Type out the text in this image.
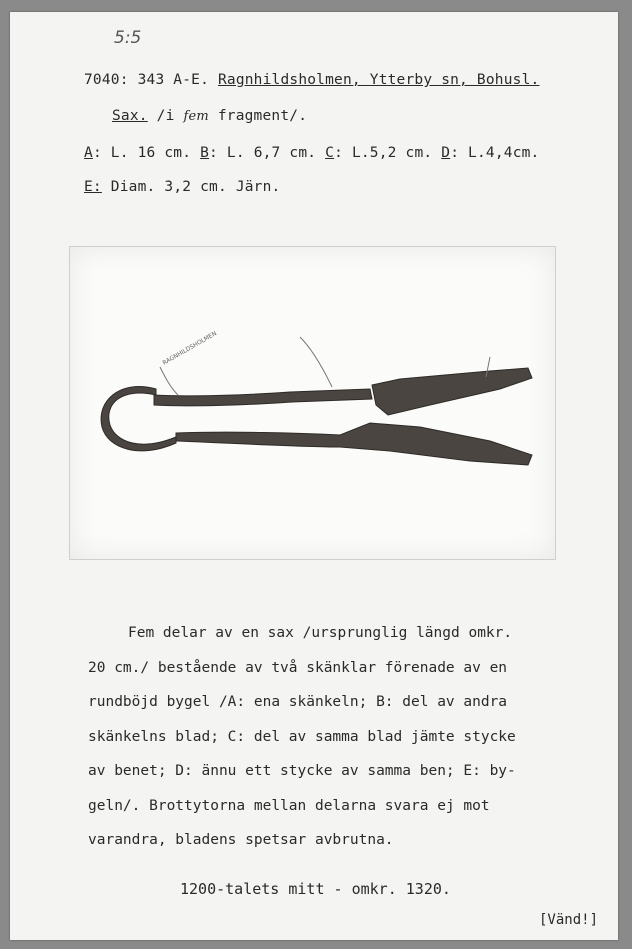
5:5
7040: 343 A-E. Ragnhildsholmen, Ytterby sn, Bohusl.
Sax. /i fem fragment/.
A: L. 16 cm. B: L. 6,7 cm. C: L.5,2 cm. D: L.4,4cm.
E: Diam. 3,2 cm. Järn.
RAGNHILDSHOLMEN
Fem delar av en sax /ursprunglig längd omkr.
20 cm./ bestående av två skänklar förenade av en
rundböjd bygel /A: ena skänkeln; B: del av andra
skänkelns blad; C: del av samma blad jämte stycke
av benet; D: ännu ett stycke av samma ben; E: by-
geln/. Brottytorna mellan delarna svara ej mot
varandra, bladens spetsar avbrutna.
1200-talets mitt - omkr. 1320.
[Vänd!]
